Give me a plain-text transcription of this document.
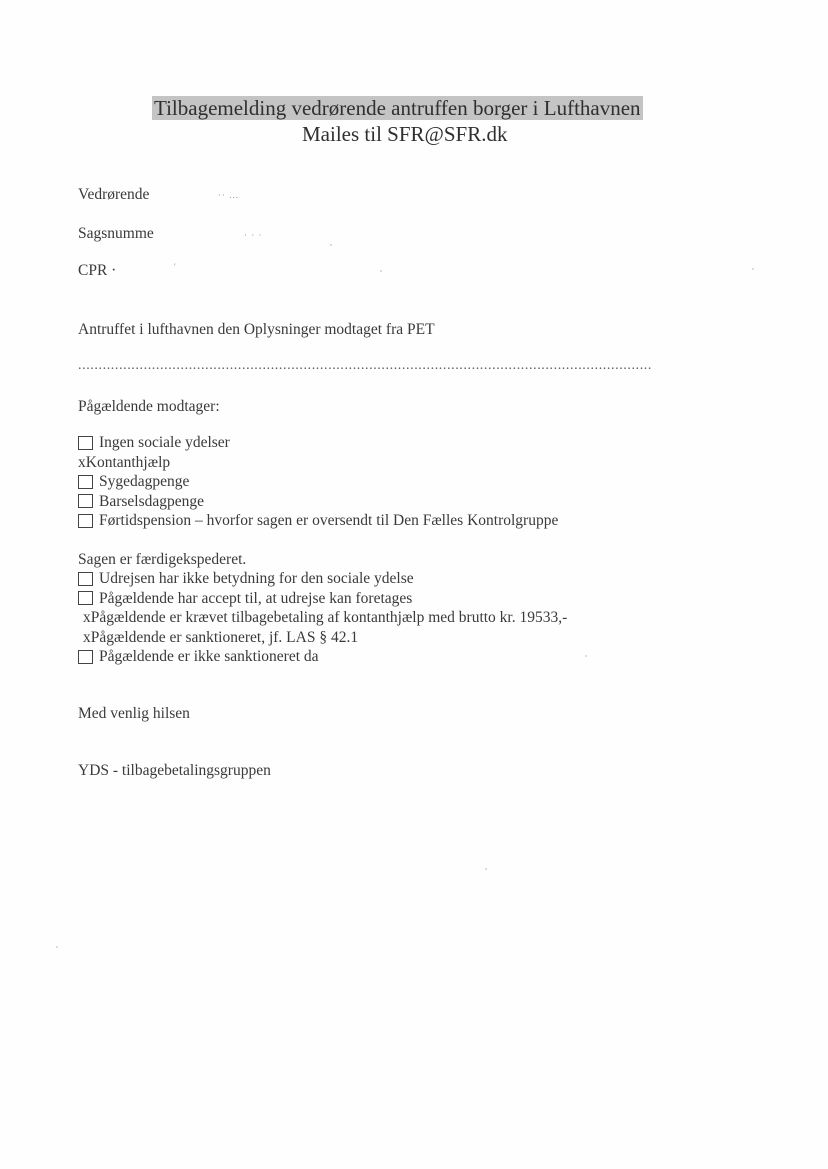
Tilbagemelding vedrørende antruffen borger i Lufthavnen
Mailes til SFR@SFR.dk
Vedrørende	·· ...
Sagsnumme	· · ·
CPR ·	'
Antruffet i lufthavnen den Oplysninger modtaget fra PET
............................................................................................................................................
Pågældende modtager:
Ingen sociale ydelser
xKontanthjælp
Sygedagpenge
Barselsdagpenge
Førtidspension – hvorfor sagen er oversendt til Den Fælles Kontrolgruppe
Sagen er færdigekspederet.
Udrejsen har ikke betydning for den sociale ydelse
Pågældende har accept til, at udrejse kan foretages
xPågældende er krævet tilbagebetaling af kontanthjælp med brutto kr. 19533,-
xPågældende er sanktioneret, jf. LAS § 42.1
Pågældende er ikke sanktioneret da
Med venlig hilsen
YDS - tilbagebetalingsgruppen
